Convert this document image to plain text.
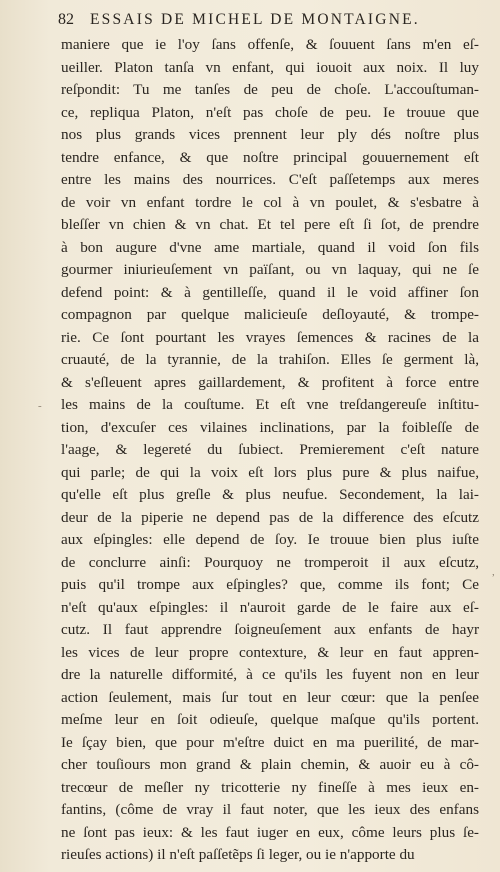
82 ESSAIS DE MICHEL DE MONTAIGNE.
maniere que ie l'oy ſans offenſe, & ſouuent ſans m'en eſ-
ueiller. Platon tanſa vn enfant, qui iouoit aux noix. Il luy
reſpondit: Tu me tanſes de peu de choſe. L'accouſtuman-
ce, repliqua Platon, n'eſt pas choſe de peu. Ie trouue que
nos plus grands vices prennent leur ply dés noſtre plus
tendre enfance, & que noſtre principal gouuernement eſt
entre les mains des nourrices. C'eſt paſſetemps aux meres
de voir vn enfant tordre le col à vn poulet, & s'esbatre à
bleſſer vn chien & vn chat. Et tel pere eſt ſi ſot, de prendre
à bon augure d'vne ame martiale, quand il void ſon fils
gourmer iniurieuſement vn païſant, ou vn laquay, qui ne ſe
defend point: & à gentilleſſe, quand il le void affiner ſon
compagnon par quelque malicieuſe deſloyauté, & trompe-
rie. Ce ſont pourtant les vrayes ſemences & racines de la
cruauté, de la tyrannie, de la trahiſon. Elles ſe germent là,
& s'eſleuent apres gaillardement, & profitent à force entre
les mains de la couſtume. Et eſt vne treſdangereuſe inſtitu-
tion, d'excuſer ces vilaines inclinations, par la foibleſſe de
l'aage, & legereté du ſubiect. Premierement c'eſt nature
qui parle; de qui la voix eſt lors plus pure & plus naifue,
qu'elle eſt plus greſle & plus neufue. Secondement, la lai-
deur de la piperie ne depend pas de la difference des eſcutz
aux eſpingles: elle depend de ſoy. Ie trouue bien plus iuſte
de conclurre ainſi: Pourquoy ne tromperoit il aux eſcutz,
puis qu'il trompe aux eſpingles? que, comme ils font; Ce
n'eſt qu'aux eſpingles: il n'auroit garde de le faire aux eſ-
cutz. Il faut apprendre ſoigneuſement aux enfants de hayr
les vices de leur propre contexture, & leur en faut appren-
dre la naturelle difformité, à ce qu'ils les fuyent non en leur
action ſeulement, mais ſur tout en leur cœur: que la penſee
meſme leur en ſoit odieuſe, quelque maſque qu'ils portent.
Ie ſçay bien, que pour m'eſtre duict en ma puerilité, de mar-
cher touſiours mon grand & plain chemin, & auoir eu à cô-
trecœur de meſler ny tricotterie ny fineſſe à mes ieux en-
fantins, (côme de vray il faut noter, que les ieux des enfans
ne ſont pas ieux: & les faut iuger en eux, côme leurs plus ſe-
rieuſes actions) il n'eſt paſſetẽps ſi leger, ou ie n'apporte du
-
,
